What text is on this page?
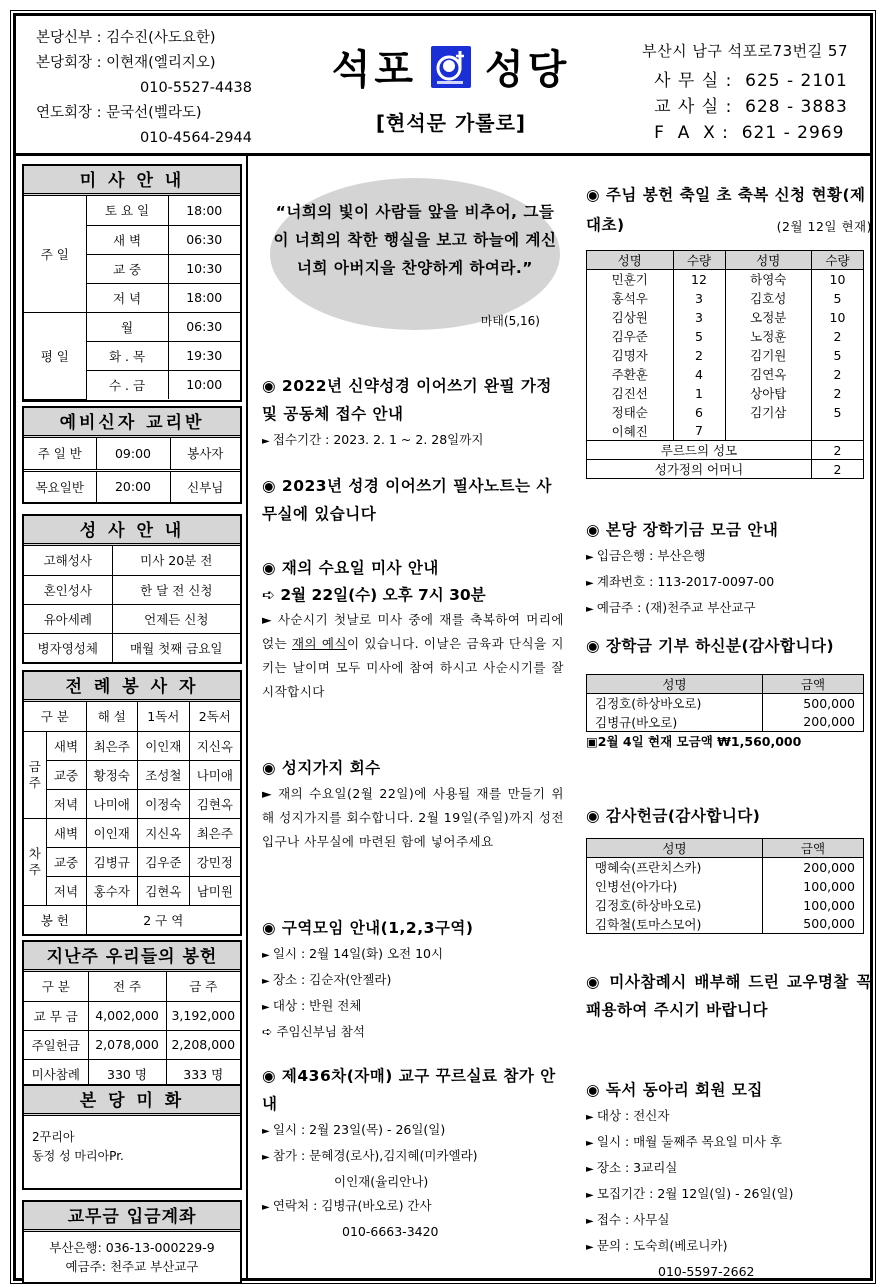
본당신부 : 김수진(사도요한)
본당회장 : 이현재(엘리지오)
010-5527-4438
연도회장 : 문국선(벨라도)
010-4564-2944
석포 성당
[현석문 가롤로]
부산시 남구 석포로73번길 57
사 무 실 : 625 - 2101
교 사 실 : 628 - 3883
F  A  X : 621 - 2969
미 사 안 내
주 일	토 요 일	18:00
	새 벽	06:30
	교 중	10:30
	저 녁	18:00
평 일	월	06:30
	화 . 목	19:30
	수 . 금	10:00
예비신자 교리반
주 일 반	09:00	봉사자
목요일반	20:00	신부님
성 사 안 내
고해성사	미사 20분 전
혼인성사	한 달 전 신청
유아세례	언제든 신청
병자영성체	매월 첫째 금요일
전 례 봉 사 자
구 분		해 설	1독서	2독서
금주	새벽	최은주	이인재	지신옥
	교중	황정숙	조성철	나미애
	저녁	나미애	이정숙	김현옥
차주	새벽	이인재	지신옥	최은주
	교중	김병규	김우준	강민정
	저녁	홍수자	김현옥	남미원
봉 헌		2 구 역		
지난주 우리들의 봉헌
구 분	전 주	금 주
교 무 금	4,002,000	3,192,000
주일헌금	2,078,000	2,208,000
미사참례	330 명	333 명
본 당 미 화
2꾸리아
동정 성 마리아Pr.
교무금 입금계좌
부산은행: 036-13-000229-9
예금주: 천주교 부산교구
“너희의 빛이 사람들 앞을 비추어, 그들이 너희의 착한 행실을 보고 하늘에 계신 너희 아버지을 찬양하게 하여라.”
마태(5,16)
◉ 2022년 신약성경 이어쓰기 완필 가정 및 공동체 접수 안내
► 접수기간 : 2023. 2. 1 ~ 2. 28일까지
◉ 2023년 성경 이어쓰기 필사노트는 사무실에 있습니다
◉ 재의 수요일 미사 안내
➪ 2월 22일(수) 오후 7시 30분

► 사순시기 첫날로 미사 중에 재를 축복하여 머리에 얹는 재의 예식이 있습니다. 이날은 금육과 단식을 지키는 날이며 모두 미사에 참여 하시고 사순시기를 잘 시작합시다

◉ 성지가지 회수

► 재의 수요일(2월 22일)에 사용될 재를 만들기 위해 성지가지를 회수합니다. 2월 19일(주일)까지 성전입구나 사무실에 마련된 함에 넣어주세요

◉ 구역모임 안내(1,2,3구역)
► 일시 : 2월 14일(화) 오전 10시
► 장소 : 김순자(안젤라)
► 대상 : 반원 전체
➪ 주임신부님 참석
◉ 제436차(자매) 교구 꾸르실료 참가 안내
► 일시 : 2월 23일(목) - 26일(일)
► 참가 : 문혜경(로사),김지혜(미카엘라)
이인재(율리안나)
► 연락처 : 김병규(바오로) 간사
010-6663-3420
◉ 주님 봉헌 축일 초 축복 신청 현황(제대초)	(2월 12일 현재)
성명	수량	성명	수량
민훈기	12	하영숙	10
홍석우	3	김호성	5
김상원	3	오정분	10
김우준	5	노정훈	2
김명자	2	김기원	5
주환훈	4	김연옥	2
김진선	1	상아탑	2
정태순	6	김기삼	5
이혜진	7		
루르드의 성모			2
성가정의 어머니			2
◉ 본당 장학기금 모금 안내
► 입금은행 : 부산은행
► 계좌번호 : 113-2017-0097-00
► 예금주 : (재)천주교 부산교구
◉ 장학금 기부 하신분(감사합니다)
성명	금액
김정호(하상바오로)	500,000
김병규(바오로)	200,000
▣2월 4일 현재 모금액 ₩1,560,000
◉ 감사헌금(감사합니다)
성명	금액
맹혜숙(프란치스카)	200,000
인병선(아가다)	100,000
김정호(하상바오로)	100,000
김학철(토마스모어)	500,000
◉ 미사참례시 배부해 드린 교우명찰 꼭 패용하여 주시기 바랍니다
◉ 독서 동아리 회원 모집
► 대상 : 전신자
► 일시 : 매월 둘째주 목요일 미사 후
► 장소 : 3교리실
► 모집기간 : 2월 12일(일) - 26일(일)
► 접수 : 사무실
► 문의 : 도숙희(베로니카)
010-5597-2662
